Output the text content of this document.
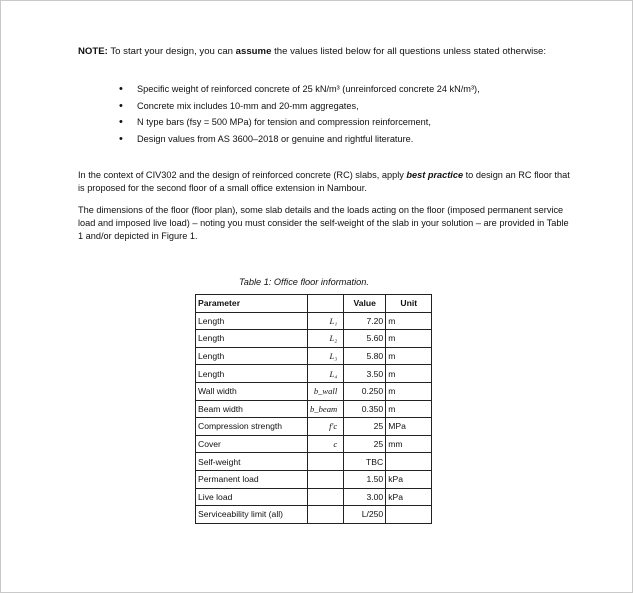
NOTE: To start your design, you can assume the values listed below for all questions unless stated otherwise:
• Specific weight of reinforced concrete of 25 kN/m³ (unreinforced concrete 24 kN/m³),
• Concrete mix includes 10-mm and 20-mm aggregates,
• N type bars (fsy = 500 MPa) for tension and compression reinforcement,
• Design values from AS 3600–2018 or genuine and rightful literature.
In the context of CIV302 and the design of reinforced concrete (RC) slabs, apply best practice to design an RC floor that is proposed for the second floor of a small office extension in Nambour.
The dimensions of the floor (floor plan), some slab details and the loads acting on the floor (imposed permanent service load and imposed live load) – noting you must consider the self-weight of the slab in your solution – are provided in Table 1 and/or depicted in Figure 1.
Table 1: Office floor information.
Parameter		Value	Unit
Length	L₁	7.20	m
Length	L₂	5.60	m
Length	L₃	5.80	m
Length	L₄	3.50	m
Wall width	b_wall	0.250	m
Beam width	b_beam	0.350	m
Compression strength	f'c	25	MPa
Cover	c	25	mm
Self-weight		TBC	
Permanent load		1.50	kPa
Live load		3.00	kPa
Serviceability limit (all)		L/250	
